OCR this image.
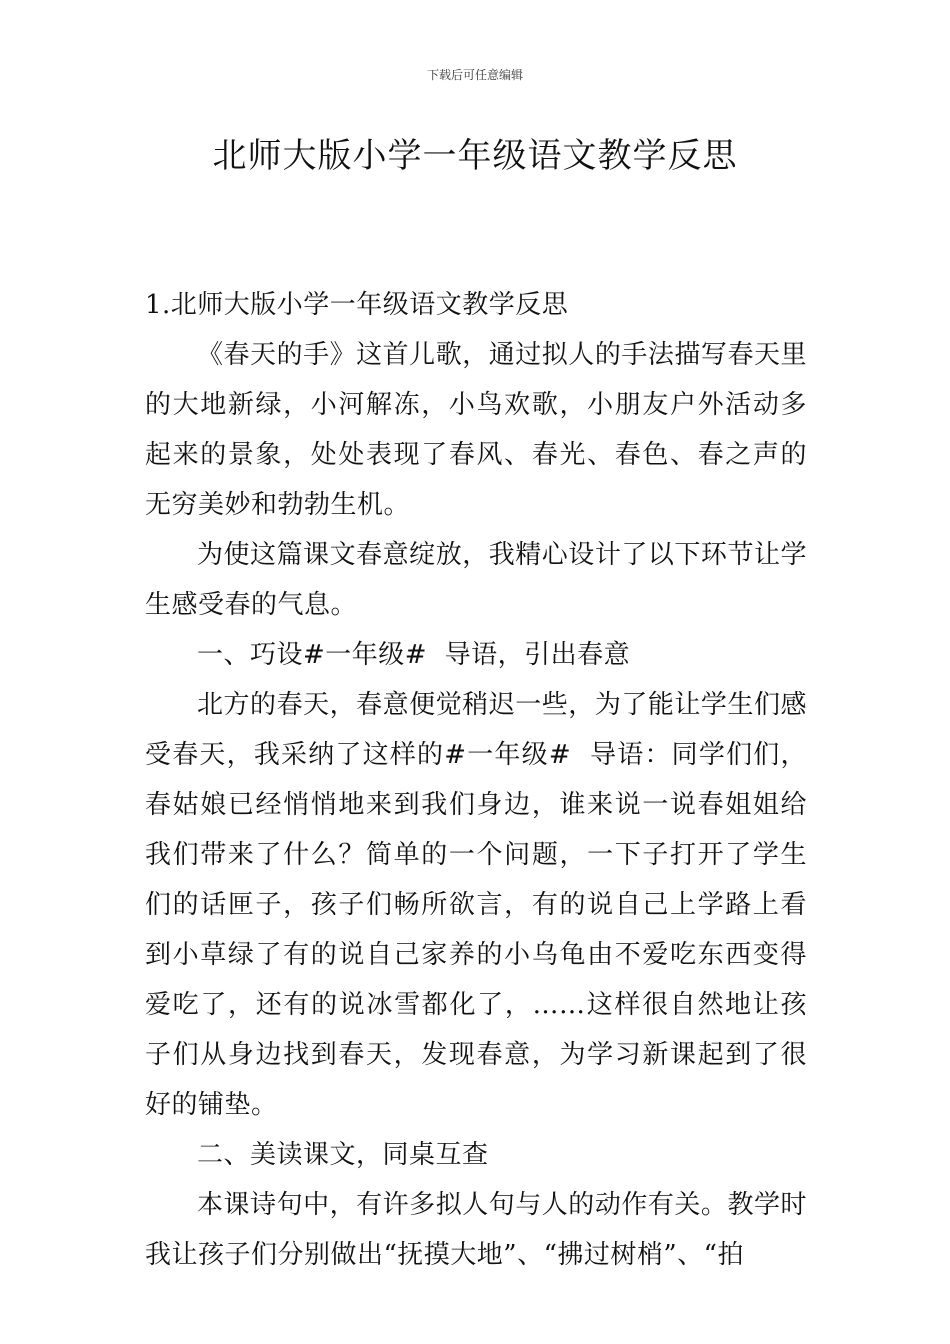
下载后可任意编辑
北师大版小学一年级语文教学反思

1.北师大版小学一年级语文教学反思

《春天的手》这首儿歌，通过拟人的手法描写春天里的大地新绿，小河解冻，小鸟欢歌，小朋友户外活动多起来的景象，处处表现了春风、春光、春色、春之声的无穷美妙和勃勃生机。

为使这篇课文春意绽放，我精心设计了以下环节让学生感受春的气息。

一、巧设#一年级#  导语，引出春意

北方的春天，春意便觉稍迟一些，为了能让学生们感受春天，我采纳了这样的#一年级#  导语：同学们们，春姑娘已经悄悄地来到我们身边，谁来说一说春姐姐给我们带来了什么？简单的一个问题，一下子打开了学生们的话匣子，孩子们畅所欲言，有的说自己上学路上看到小草绿了有的说自己家养的小乌龟由不爱吃东西变得爱吃了，还有的说冰雪都化了，……这样很自然地让孩子们从身边找到春天，发现春意，为学习新课起到了很好的铺垫。

二、美读课文，同桌互查

本课诗句中，有许多拟人句与人的动作有关。教学时我让孩子们分别做出“抚摸大地”、“拂过树梢”、“拍
